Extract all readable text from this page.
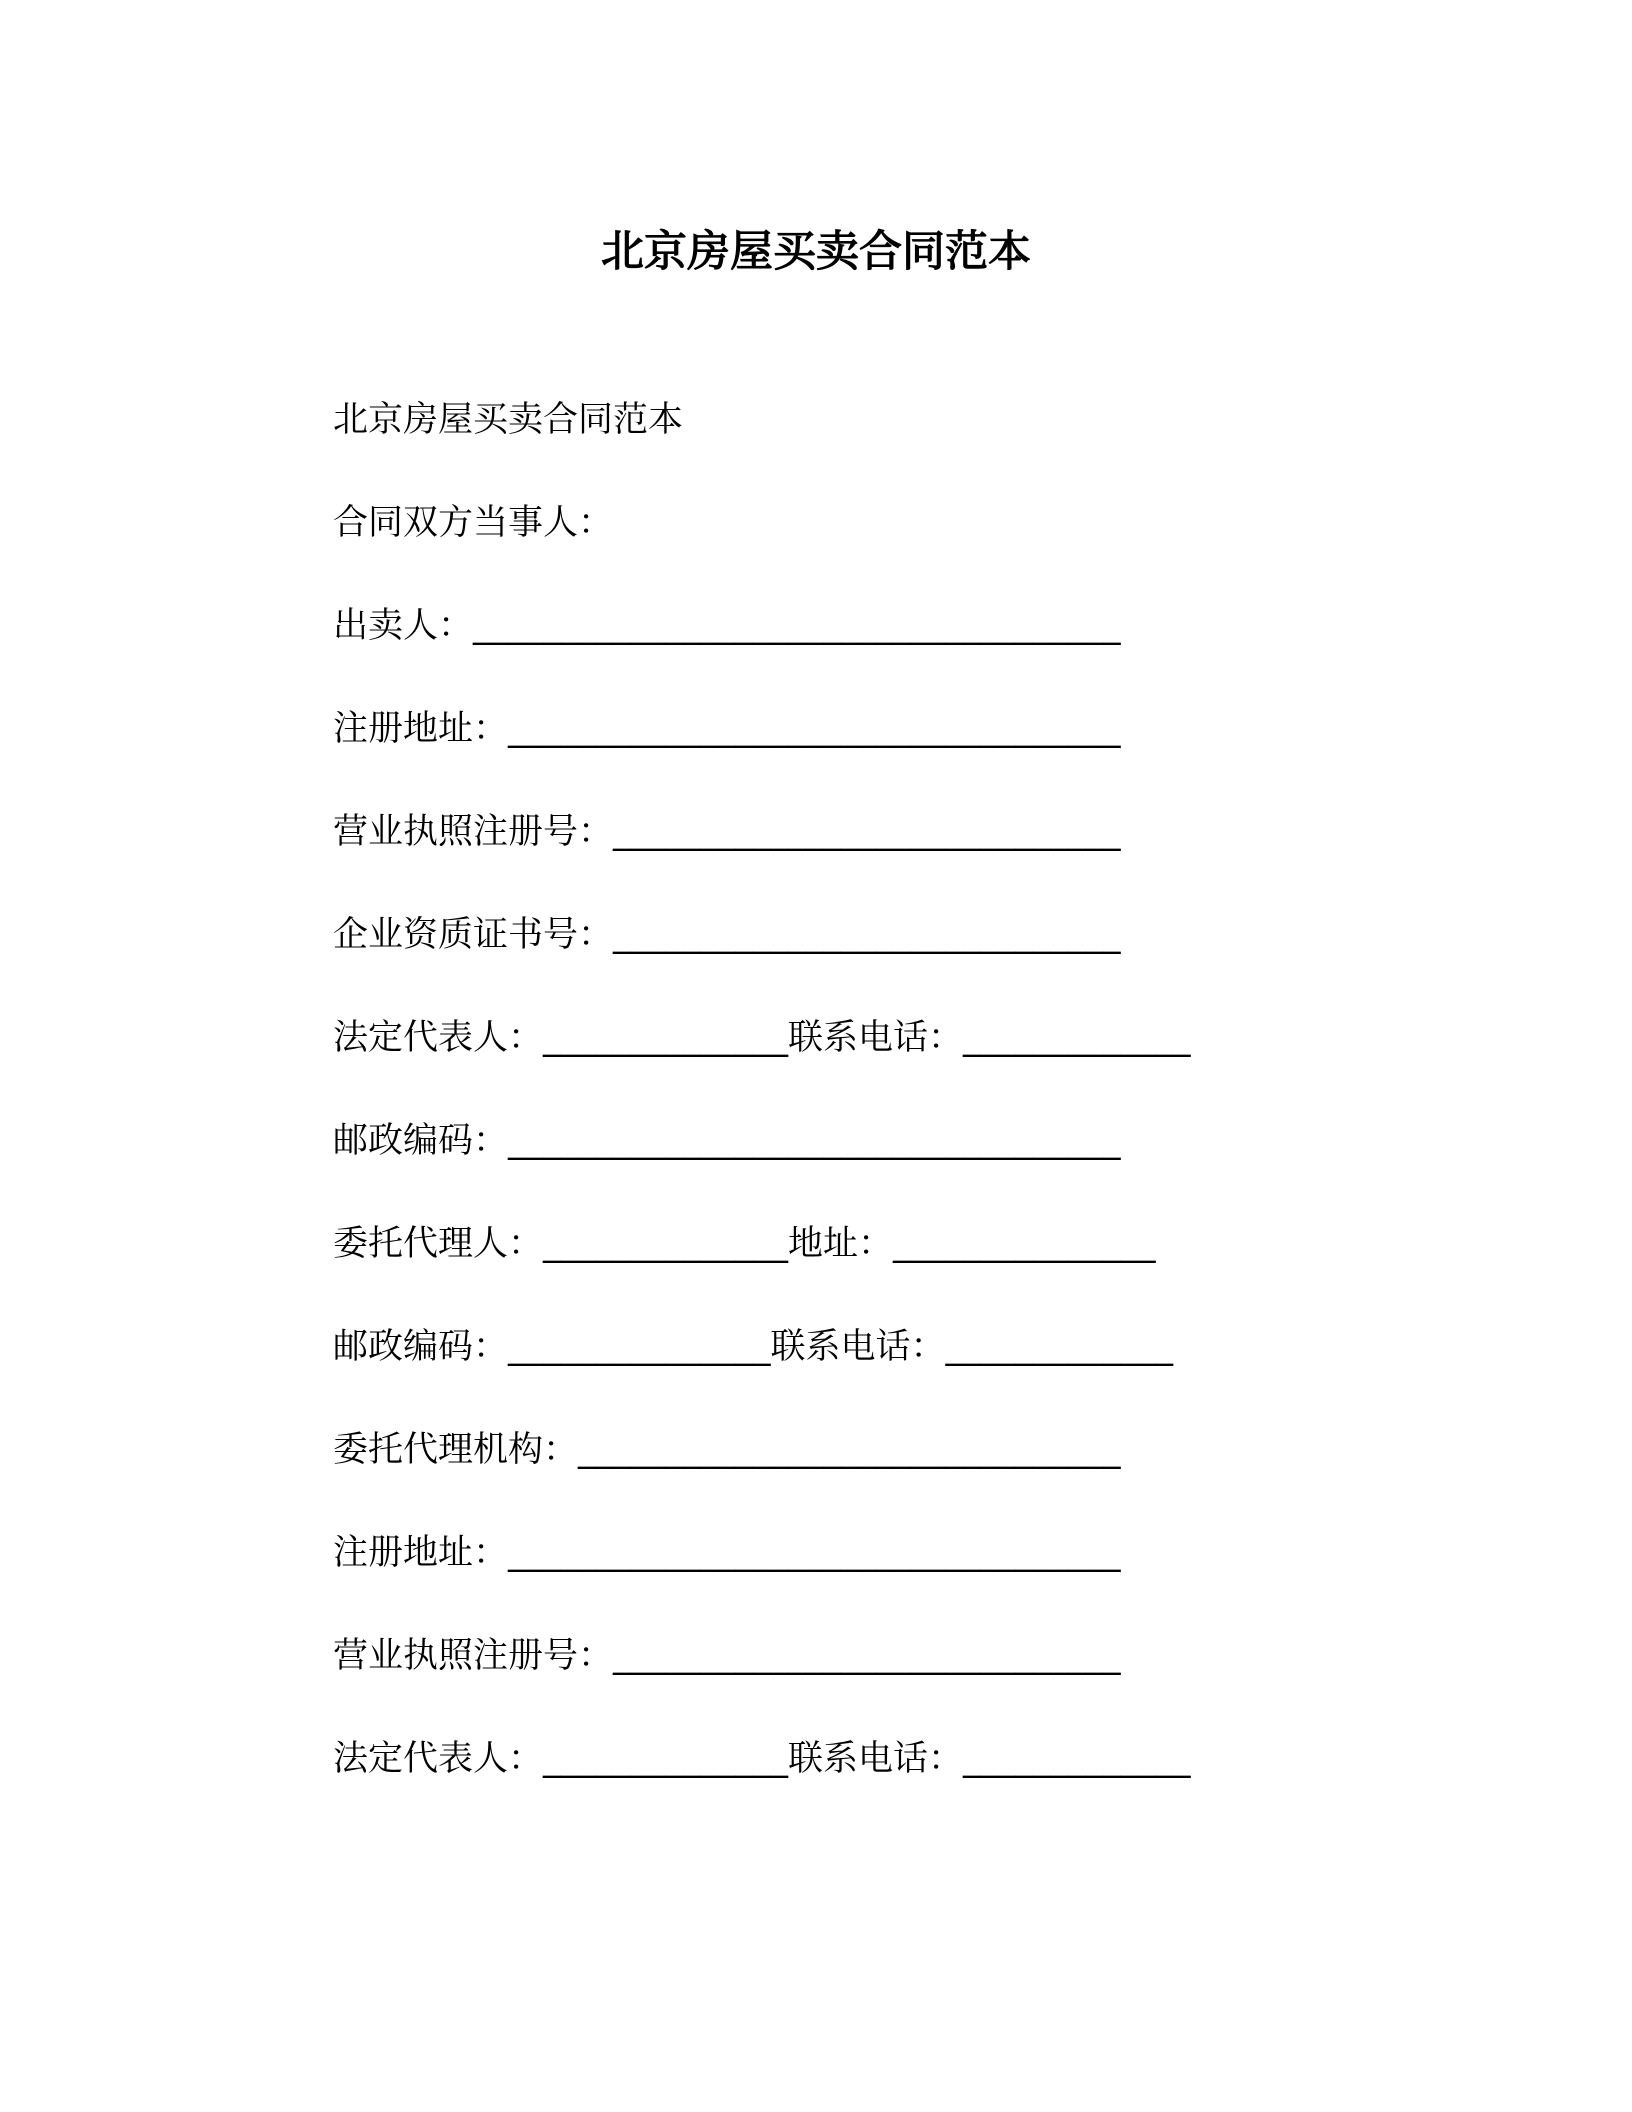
北京房屋买卖合同范本
北京房屋买卖合同范本
合同双方当事人：
出卖人：_____________________________________
注册地址：___________________________________
营业执照注册号：_____________________________
企业资质证书号：_____________________________
法定代表人：______________联系电话：_____________
邮政编码：___________________________________
委托代理人：______________地址：_______________
邮政编码：_______________联系电话：_____________
委托代理机构：_______________________________
注册地址：___________________________________
营业执照注册号：_____________________________
法定代表人：______________联系电话：_____________
